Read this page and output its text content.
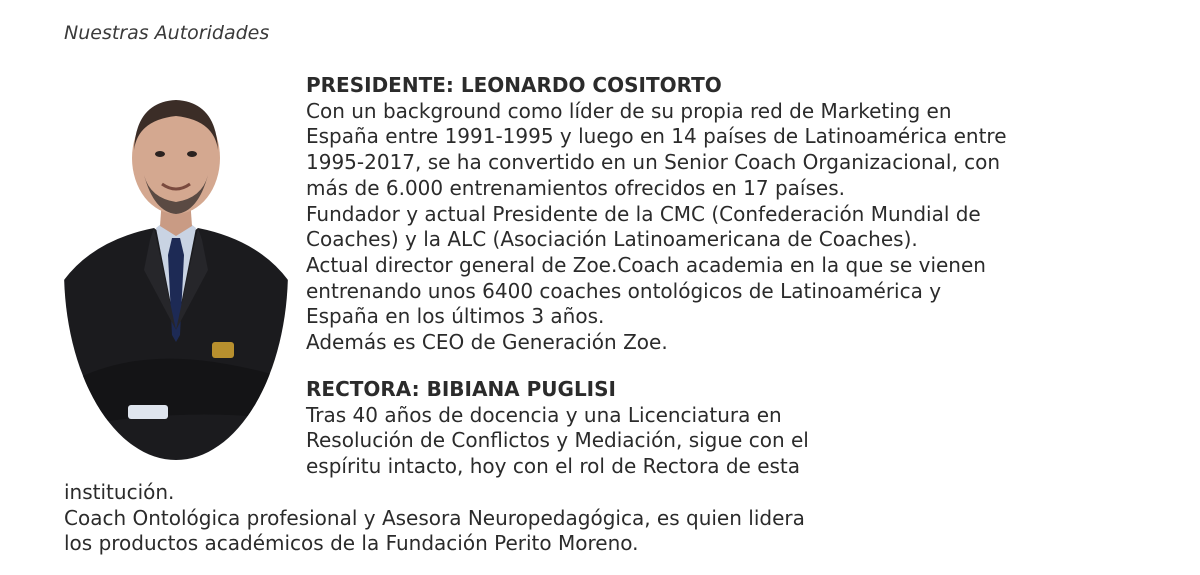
Nuestras Autoridades

PRESIDENTE: LEONARDO COSITORTO
Con un background como líder de su propia red de Marketing en
España entre 1991-1995 y luego en 14 países de Latinoamérica entre
1995-2017, se ha convertido en un Senior Coach Organizacional, con
más de 6.000 entrenamientos ofrecidos en 17 países.
Fundador y actual Presidente de la CMC (Confederación Mundial de
Coaches) y la ALC (Asociación Latinoamericana de Coaches).
Actual director general de Zoe.Coach academia en la que se vienen
entrenando unos 6400 coaches ontológicos de Latinoamérica y
España en los últimos 3 años.
Además es CEO de Generación Zoe.
RECTORA: BIBIANA PUGLISI
Tras 40 años de docencia y una Licenciatura en
Resolución de Conflictos y Mediación, sigue con el
espíritu intacto, hoy con el rol de Rectora de esta
institución.
Coach Ontológica profesional y Asesora Neuropedagógica, es quien lidera
los productos académicos de la Fundación Perito Moreno.
